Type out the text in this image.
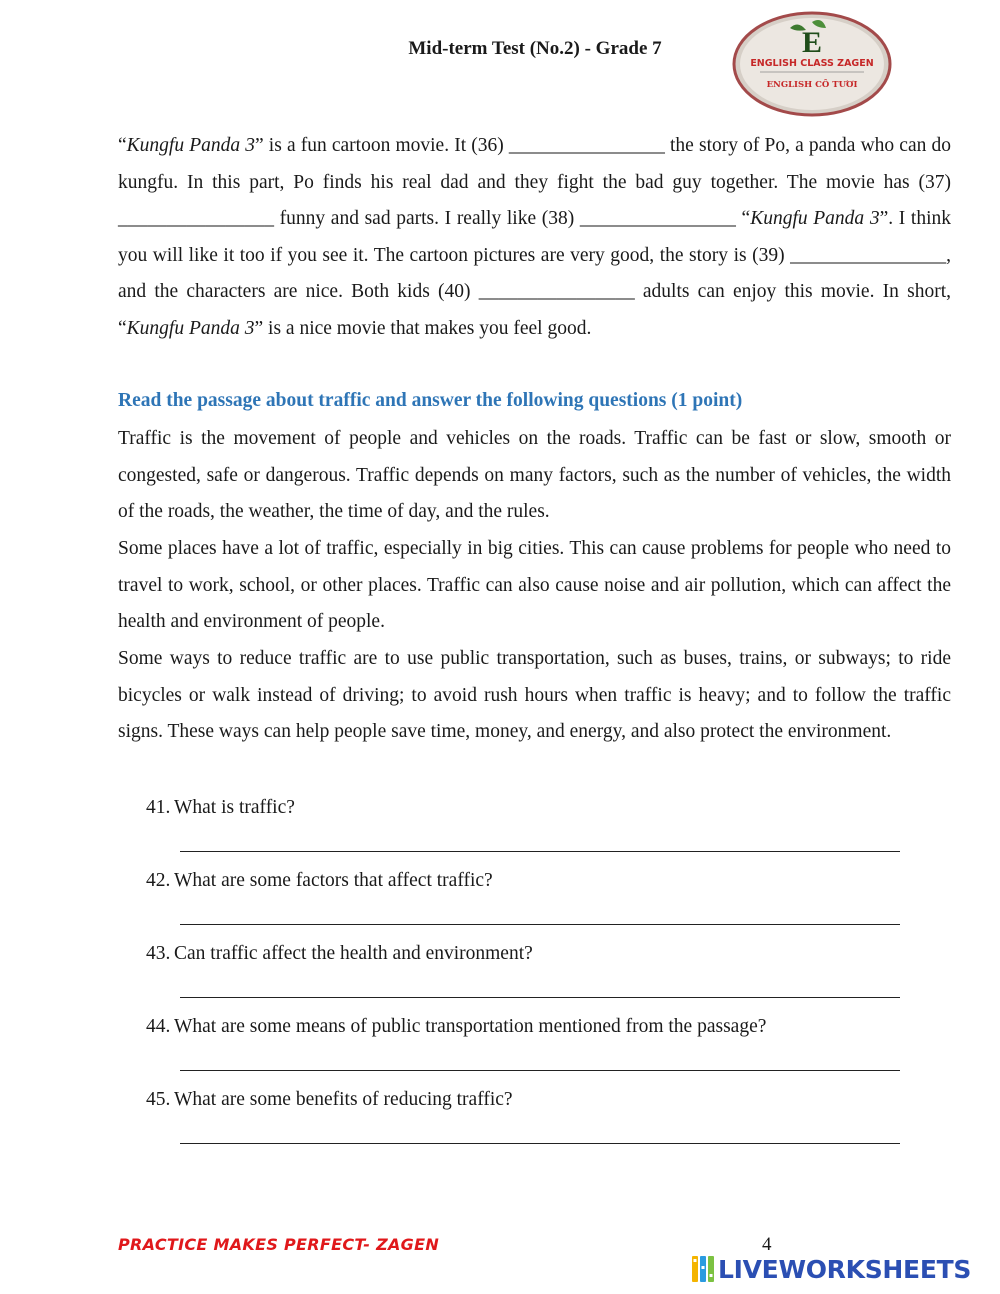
Mid-term Test (No.2) - Grade 7	E
ENGLISH CLASS ZAGEN
ENGLISH CÔ TƯƠI

“Kungfu Panda 3” is a fun cartoon movie. It (36) ________________ the story of Po, a panda who can do kungfu. In this part, Po finds his real dad and they fight the bad guy together. The movie has (37) ________________ funny and sad parts. I really like (38) ________________ “Kungfu Panda 3”. I think you will like it too if you see it. The cartoon pictures are very good, the story is (39) ________________, and the characters are nice. Both kids (40) ________________ adults can enjoy this movie. In short, “Kungfu Panda 3” is a nice movie that makes you feel good.

Read the passage about traffic and answer the following questions (1 point)

Traffic is the movement of people and vehicles on the roads. Traffic can be fast or slow, smooth or congested, safe or dangerous. Traffic depends on many factors, such as the number of vehicles, the width of the roads, the weather, the time of day, and the rules.

Some places have a lot of traffic, especially in big cities. This can cause problems for people who need to travel to work, school, or other places. Traffic can also cause noise and air pollution, which can affect the health and environment of people.

Some ways to reduce traffic are to use public transportation, such as buses, trains, or subways; to ride bicycles or walk instead of driving; to avoid rush hours when traffic is heavy; and to follow the traffic signs. These ways can help people save time, money, and energy, and also protect the environment.

41. What is traffic?
42. What are some factors that affect traffic?
43. Can traffic affect the health and environment?
44. What are some means of public transportation mentioned from the passage?
45. What are some benefits of reducing traffic?
PRACTICE MAKES PERFECT- ZAGEN	4
LIVEWORKSHEETS
